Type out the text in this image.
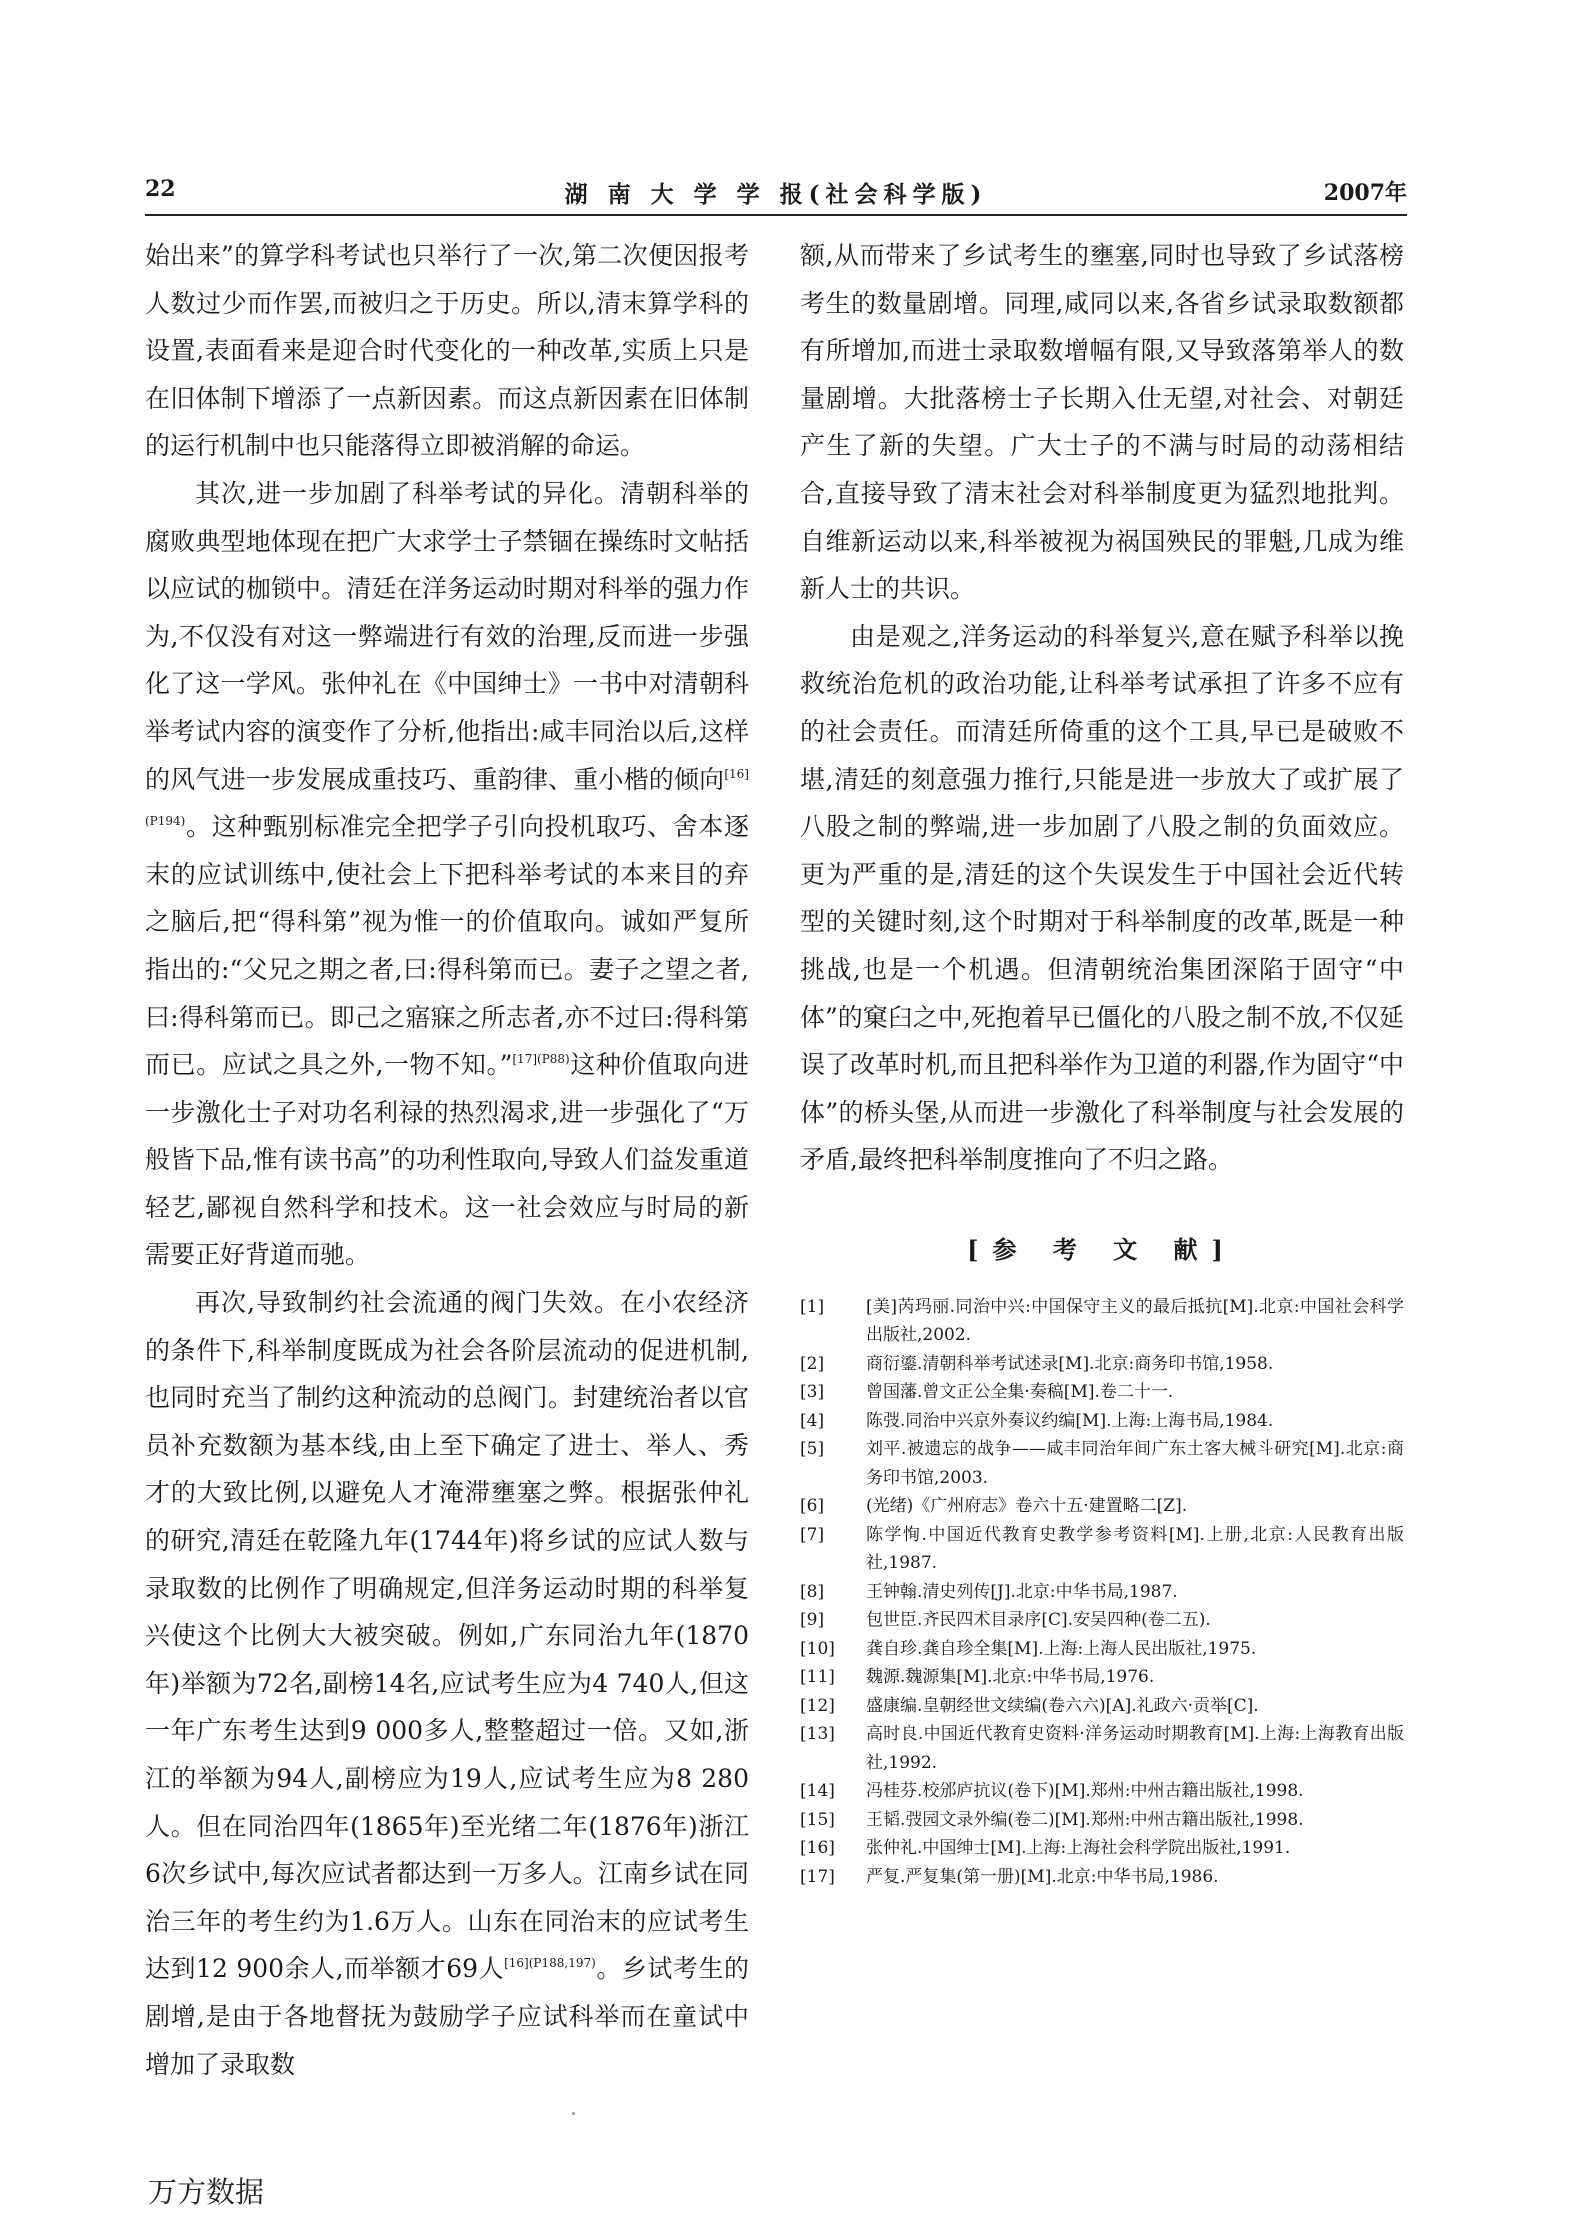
22	湖 南 大 学 学 报(社会科学版)	2007年

始出来”的算学科考试也只举行了一次,第二次便因报考人数过少而作罢,而被归之于历史。所以,清末算学科的设置,表面看来是迎合时代变化的一种改革,实质上只是在旧体制下增添了一点新因素。而这点新因素在旧体制的运行机制中也只能落得立即被消解的命运。

其次,进一步加剧了科举考试的异化。清朝科举的腐败典型地体现在把广大求学士子禁锢在操练时文帖括以应试的枷锁中。清廷在洋务运动时期对科举的强力作为,不仅没有对这一弊端进行有效的治理,反而进一步强化了这一学风。张仲礼在《中国绅士》一书中对清朝科举考试内容的演变作了分析,他指出:咸丰同治以后,这样的风气进一步发展成重技巧、重韵律、重小楷的倾向$^{[16](P194)}$。这种甄别标准完全把学子引向投机取巧、舍本逐末的应试训练中,使社会上下把科举考试的本来目的弃之脑后,把“得科第”视为惟一的价值取向。诚如严复所指出的:“父兄之期之者,曰:得科第而已。妻子之望之者,曰:得科第而已。即己之寤寐之所志者,亦不过曰:得科第而已。应试之具之外,一物不知。”$^{[17](P88)}$这种价值取向进一步激化士子对功名利禄的热烈渴求,进一步强化了“万般皆下品,惟有读书高”的功利性取向,导致人们益发重道轻艺,鄙视自然科学和技术。这一社会效应与时局的新需要正好背道而驰。

再次,导致制约社会流通的阀门失效。在小农经济的条件下,科举制度既成为社会各阶层流动的促进机制,也同时充当了制约这种流动的总阀门。封建统治者以官员补充数额为基本线,由上至下确定了进士、举人、秀才的大致比例,以避免人才淹滞壅塞之弊。根据张仲礼的研究,清廷在乾隆九年(1744年)将乡试的应试人数与录取数的比例作了明确规定,但洋务运动时期的科举复兴使这个比例大大被突破。例如,广东同治九年(1870年)举额为72名,副榜14名,应试考生应为4 740人,但这一年广东考生达到9 000多人,整整超过一倍。又如,浙江的举额为94人,副榜应为19人,应试考生应为8 280人。但在同治四年(1865年)至光绪二年(1876年)浙江6次乡试中,每次应试者都达到一万多人。江南乡试在同治三年的考生约为1.6万人。山东在同治末的应试考生达到12 900余人,而举额才69人$^{[16](P188,197)}$。乡试考生的剧增,是由于各地督抚为鼓励学子应试科举而在童试中增加了录取数

额,从而带来了乡试考生的壅塞,同时也导致了乡试落榜考生的数量剧增。同理,咸同以来,各省乡试录取数额都有所增加,而进士录取数增幅有限,又导致落第举人的数量剧增。大批落榜士子长期入仕无望,对社会、对朝廷产生了新的失望。广大士子的不满与时局的动荡相结合,直接导致了清末社会对科举制度更为猛烈地批判。自维新运动以来,科举被视为祸国殃民的罪魁,几成为维新人士的共识。

由是观之,洋务运动的科举复兴,意在赋予科举以挽救统治危机的政治功能,让科举考试承担了许多不应有的社会责任。而清廷所倚重的这个工具,早已是破败不堪,清廷的刻意强力推行,只能是进一步放大了或扩展了八股之制的弊端,进一步加剧了八股之制的负面效应。更为严重的是,清廷的这个失误发生于中国社会近代转型的关键时刻,这个时期对于科举制度的改革,既是一种挑战,也是一个机遇。但清朝统治集团深陷于固守“中体”的窠臼之中,死抱着早已僵化的八股之制不放,不仅延误了改革时机,而且把科举作为卫道的利器,作为固守“中体”的桥头堡,从而进一步激化了科举制度与社会发展的矛盾,最终把科举制度推向了不归之路。

[参 考 文 献]
[1] [美]芮玛丽.同治中兴:中国保守主义的最后抵抗[M].北京:中国社会科学出版社,2002.
[2] 商衍鎏.清朝科举考试述录[M].北京:商务印书馆,1958.
[3] 曾国藩.曾文正公全集·奏稿[M].卷二十一.
[4] 陈弢.同治中兴京外奏议约编[M].上海:上海书局,1984.
[5] 刘平.被遗忘的战争——咸丰同治年间广东土客大械斗研究[M].北京:商务印书馆,2003.
[6] (光绪)《广州府志》卷六十五·建置略二[Z].
[7] 陈学恂.中国近代教育史教学参考资料[M].上册,北京:人民教育出版社,1987.
[8] 王钟翰.清史列传[J].北京:中华书局,1987.
[9] 包世臣.齐民四术目录序[C].安吴四种(卷二五).
[10] 龚自珍.龚自珍全集[M].上海:上海人民出版社,1975.
[11] 魏源.魏源集[M].北京:中华书局,1976.
[12] 盛康编.皇朝经世文续编(卷六六)[A].礼政六·贡举[C].
[13] 高时良.中国近代教育史资料·洋务运动时期教育[M].上海:上海教育出版社,1992.
[14] 冯桂芬.校邠庐抗议(卷下)[M].郑州:中州古籍出版社,1998.
[15] 王韬.弢园文录外编(卷二)[M].郑州:中州古籍出版社,1998.
[16] 张仲礼.中国绅士[M].上海:上海社会科学院出版社,1991.
[17] 严复.严复集(第一册)[M].北京:中华书局,1986.
万方数据
